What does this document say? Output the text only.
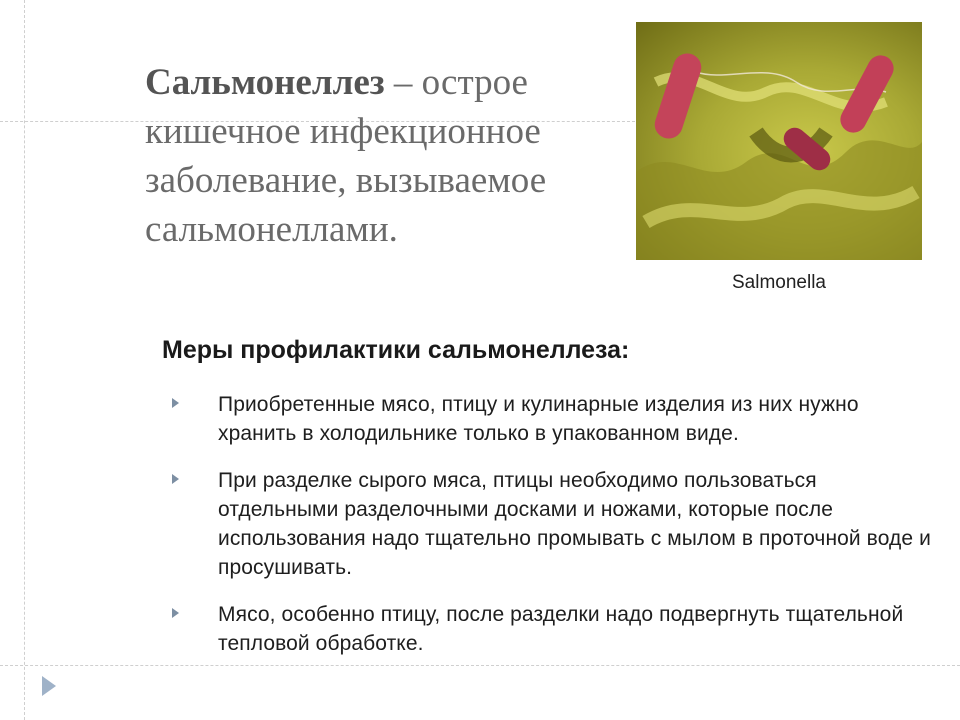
Сальмонеллез – острое кишечное инфекционное заболевание, вызываемое сальмонеллами.
Salmonella
Меры профилактики сальмонеллеза:
Приобретенные мясо, птицу и кулинарные изделия из них нужно хранить в холодильнике только в упакованном виде.
При разделке сырого мяса, птицы необходимо пользоваться отдельными разделочными досками и ножами, которые после использования надо тщательно промывать с мылом в проточной воде и просушивать.
Мясо, особенно птицу, после разделки надо подвергнуть тщательной тепловой обработке.
